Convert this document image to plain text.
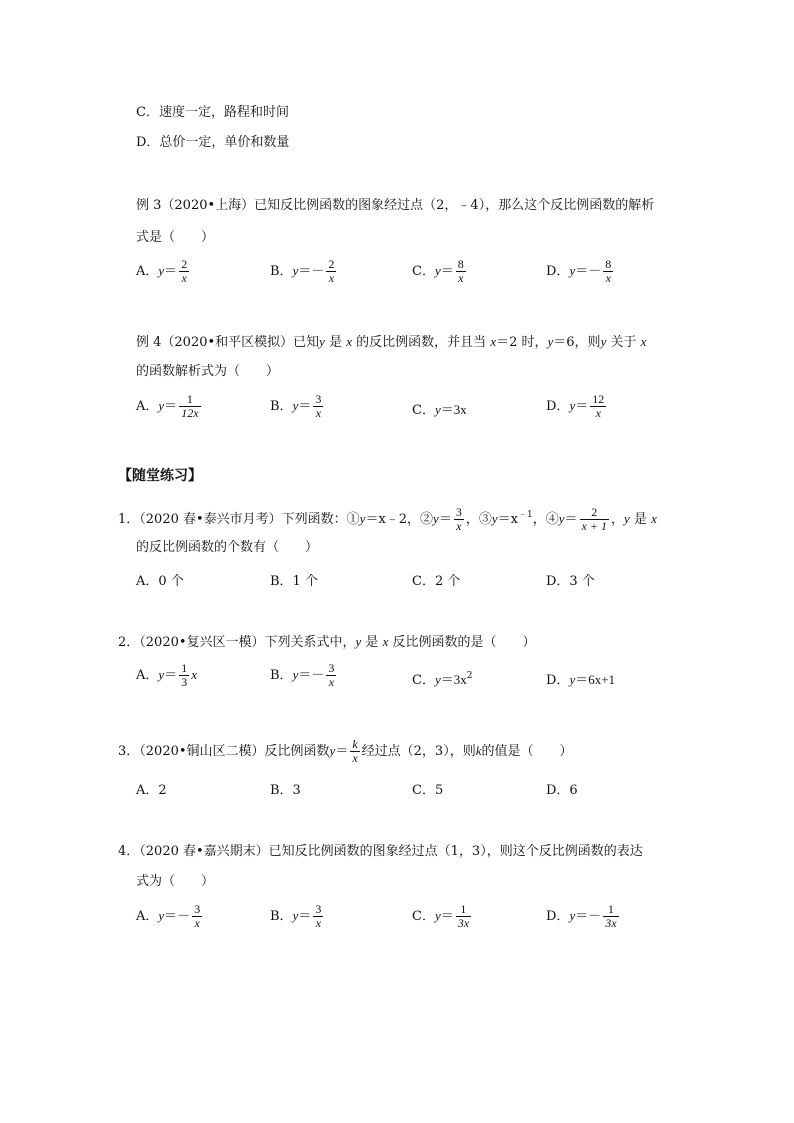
C．速度一定，路程和时间
D．总价一定，单价和数量
例 3（2020•上海）已知反比例函数的图象经过点（2，﹣4），那么这个反比例函数的解析
式是（　　）
A．$y= \frac{2}{x}$	B．$y=- \frac{2}{x}$	C．$y= \frac{8}{x}$	D．$y=- \frac{8}{x}$
例 4（2020•和平区模拟）已知y 是 x 的反比例函数，并且当 x＝2 时，y＝6，则y 关于 x
的函数解析式为（　　）
A．$y= \frac{1}{12x}$	B．$y= \frac{3}{x}$	C．y＝3x	D．$y= \frac{12}{x}$
【随堂练习】
1．（2020 春•泰兴市月考）下列函数：①y＝x﹣2，②y＝ $\frac{3}{x}$ ，$③y=x^{﹣1}$，④y＝ $\frac{2}{x + 1}$ ，y 是 x
的反比例函数的个数有（　　）
A．0 个	B．1 个	C．2 个	D．3 个
2．（2020•复兴区一模）下列关系式中，y 是 x 反比例函数的是（　　）
A．$y= \frac{1}{3}$ x	B．$y=- \frac{3}{x}$	C．$y=3x^2$	D．y＝6x+1
3．（2020•铜山区二模）反比例函数$y= \frac{k}{x}$ 经过点（2，3），则k的值是（　　）
A．2	B．3	C．5	D．6
4．（2020 春•嘉兴期末）已知反比例函数的图象经过点（1，3），则这个反比例函数的表达
式为（　　）
A．$y=- \frac{3}{x}$	B．$y= \frac{3}{x}$	C．$y= \frac{1}{3x}$	D．$y=- \frac{1}{3x}$
